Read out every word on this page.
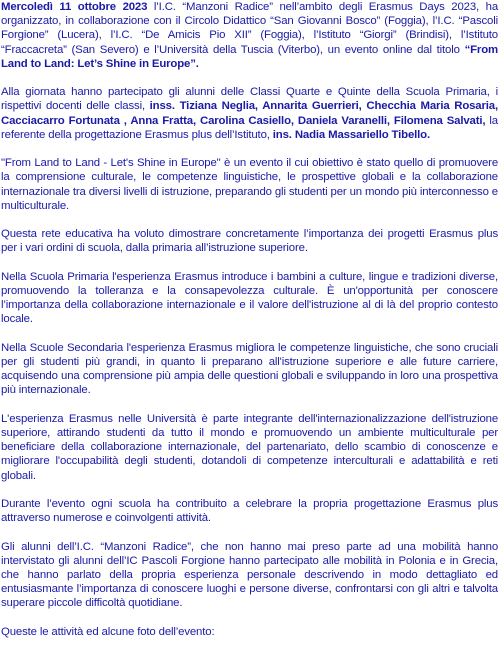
Mercoledì 11 ottobre 2023 l’I.C. “Manzoni Radice” nell’ambito degli Erasmus Days 2023, ha organizzato, in collaborazione con il Circolo Didattico “San Giovanni Bosco” (Foggia), l’I.C. “Pascoli Forgione” (Lucera), l’I.C. “De Amicis Pio XII” (Foggia), l’Istituto “Giorgi” (Brindisi), l’Istituto “Fraccacreta” (San Severo) e l’Università della Tuscia (Viterbo), un evento online dal titolo “From Land to Land: Let’s Shine in Europe”.

Alla giornata hanno partecipato gli alunni delle Classi Quarte e Quinte della Scuola Primaria, i rispettivi docenti delle classi, inss. Tiziana Neglia, Annarita Guerrieri, Checchia Maria Rosaria, Cacciacarro Fortunata , Anna Fratta, Carolina Casiello, Daniela Varanelli, Filomena Salvati, la referente della progettazione Erasmus plus dell’Istituto, ins. Nadia Massariello Tibello.

"From Land to Land - Let's Shine in Europe" è un evento il cui obiettivo è stato quello di promuovere la comprensione culturale, le competenze linguistiche, le prospettive globali e la collaborazione internazionale tra diversi livelli di istruzione, preparando gli studenti per un mondo più interconnesso e multiculturale.

Questa rete educativa ha voluto dimostrare concretamente l’importanza dei progetti Erasmus plus per i vari ordini di scuola, dalla primaria all’istruzione superiore.

Nella Scuola Primaria l'esperienza Erasmus introduce i bambini a culture, lingue e tradizioni diverse, promuovendo la tolleranza e la consapevolezza culturale. È un'opportunità per conoscere l’importanza della collaborazione internazionale e il valore dell'istruzione al di là del proprio contesto locale.

Nella Scuole Secondaria l'esperienza Erasmus migliora le competenze linguistiche, che sono cruciali per gli studenti più grandi, in quanto li preparano all'istruzione superiore e alle future carriere, acquisendo una comprensione più ampia delle questioni globali e sviluppando in loro una prospettiva più internazionale.

L'esperienza Erasmus nelle Università è parte integrante dell'internazionalizzazione dell'istruzione superiore, attirando studenti da tutto il mondo e promuovendo un ambiente multiculturale per beneficiare della collaborazione internazionale, del partenariato, dello scambio di conoscenze e migliorare l'occupabilità degli studenti, dotandoli di competenze interculturali e adattabilità e reti globali.

Durante l’evento ogni scuola ha contribuito a celebrare la propria progettazione Erasmus plus attraverso numerose e coinvolgenti attività.

Gli alunni dell’I.C. “Manzoni Radice”, che non hanno mai preso parte ad una mobilità hanno intervistato gli alunni dell’IC Pascoli Forgione hanno partecipato alle mobilità in Polonia e in Grecia, che hanno parlato della propria esperienza personale descrivendo in modo dettagliato ed entusiasmante l’importanza di conoscere luoghi e persone diverse, confrontarsi con gli altri e talvolta superare piccole difficoltà quotidiane.

Queste le attività ed alcune foto dell’evento:
